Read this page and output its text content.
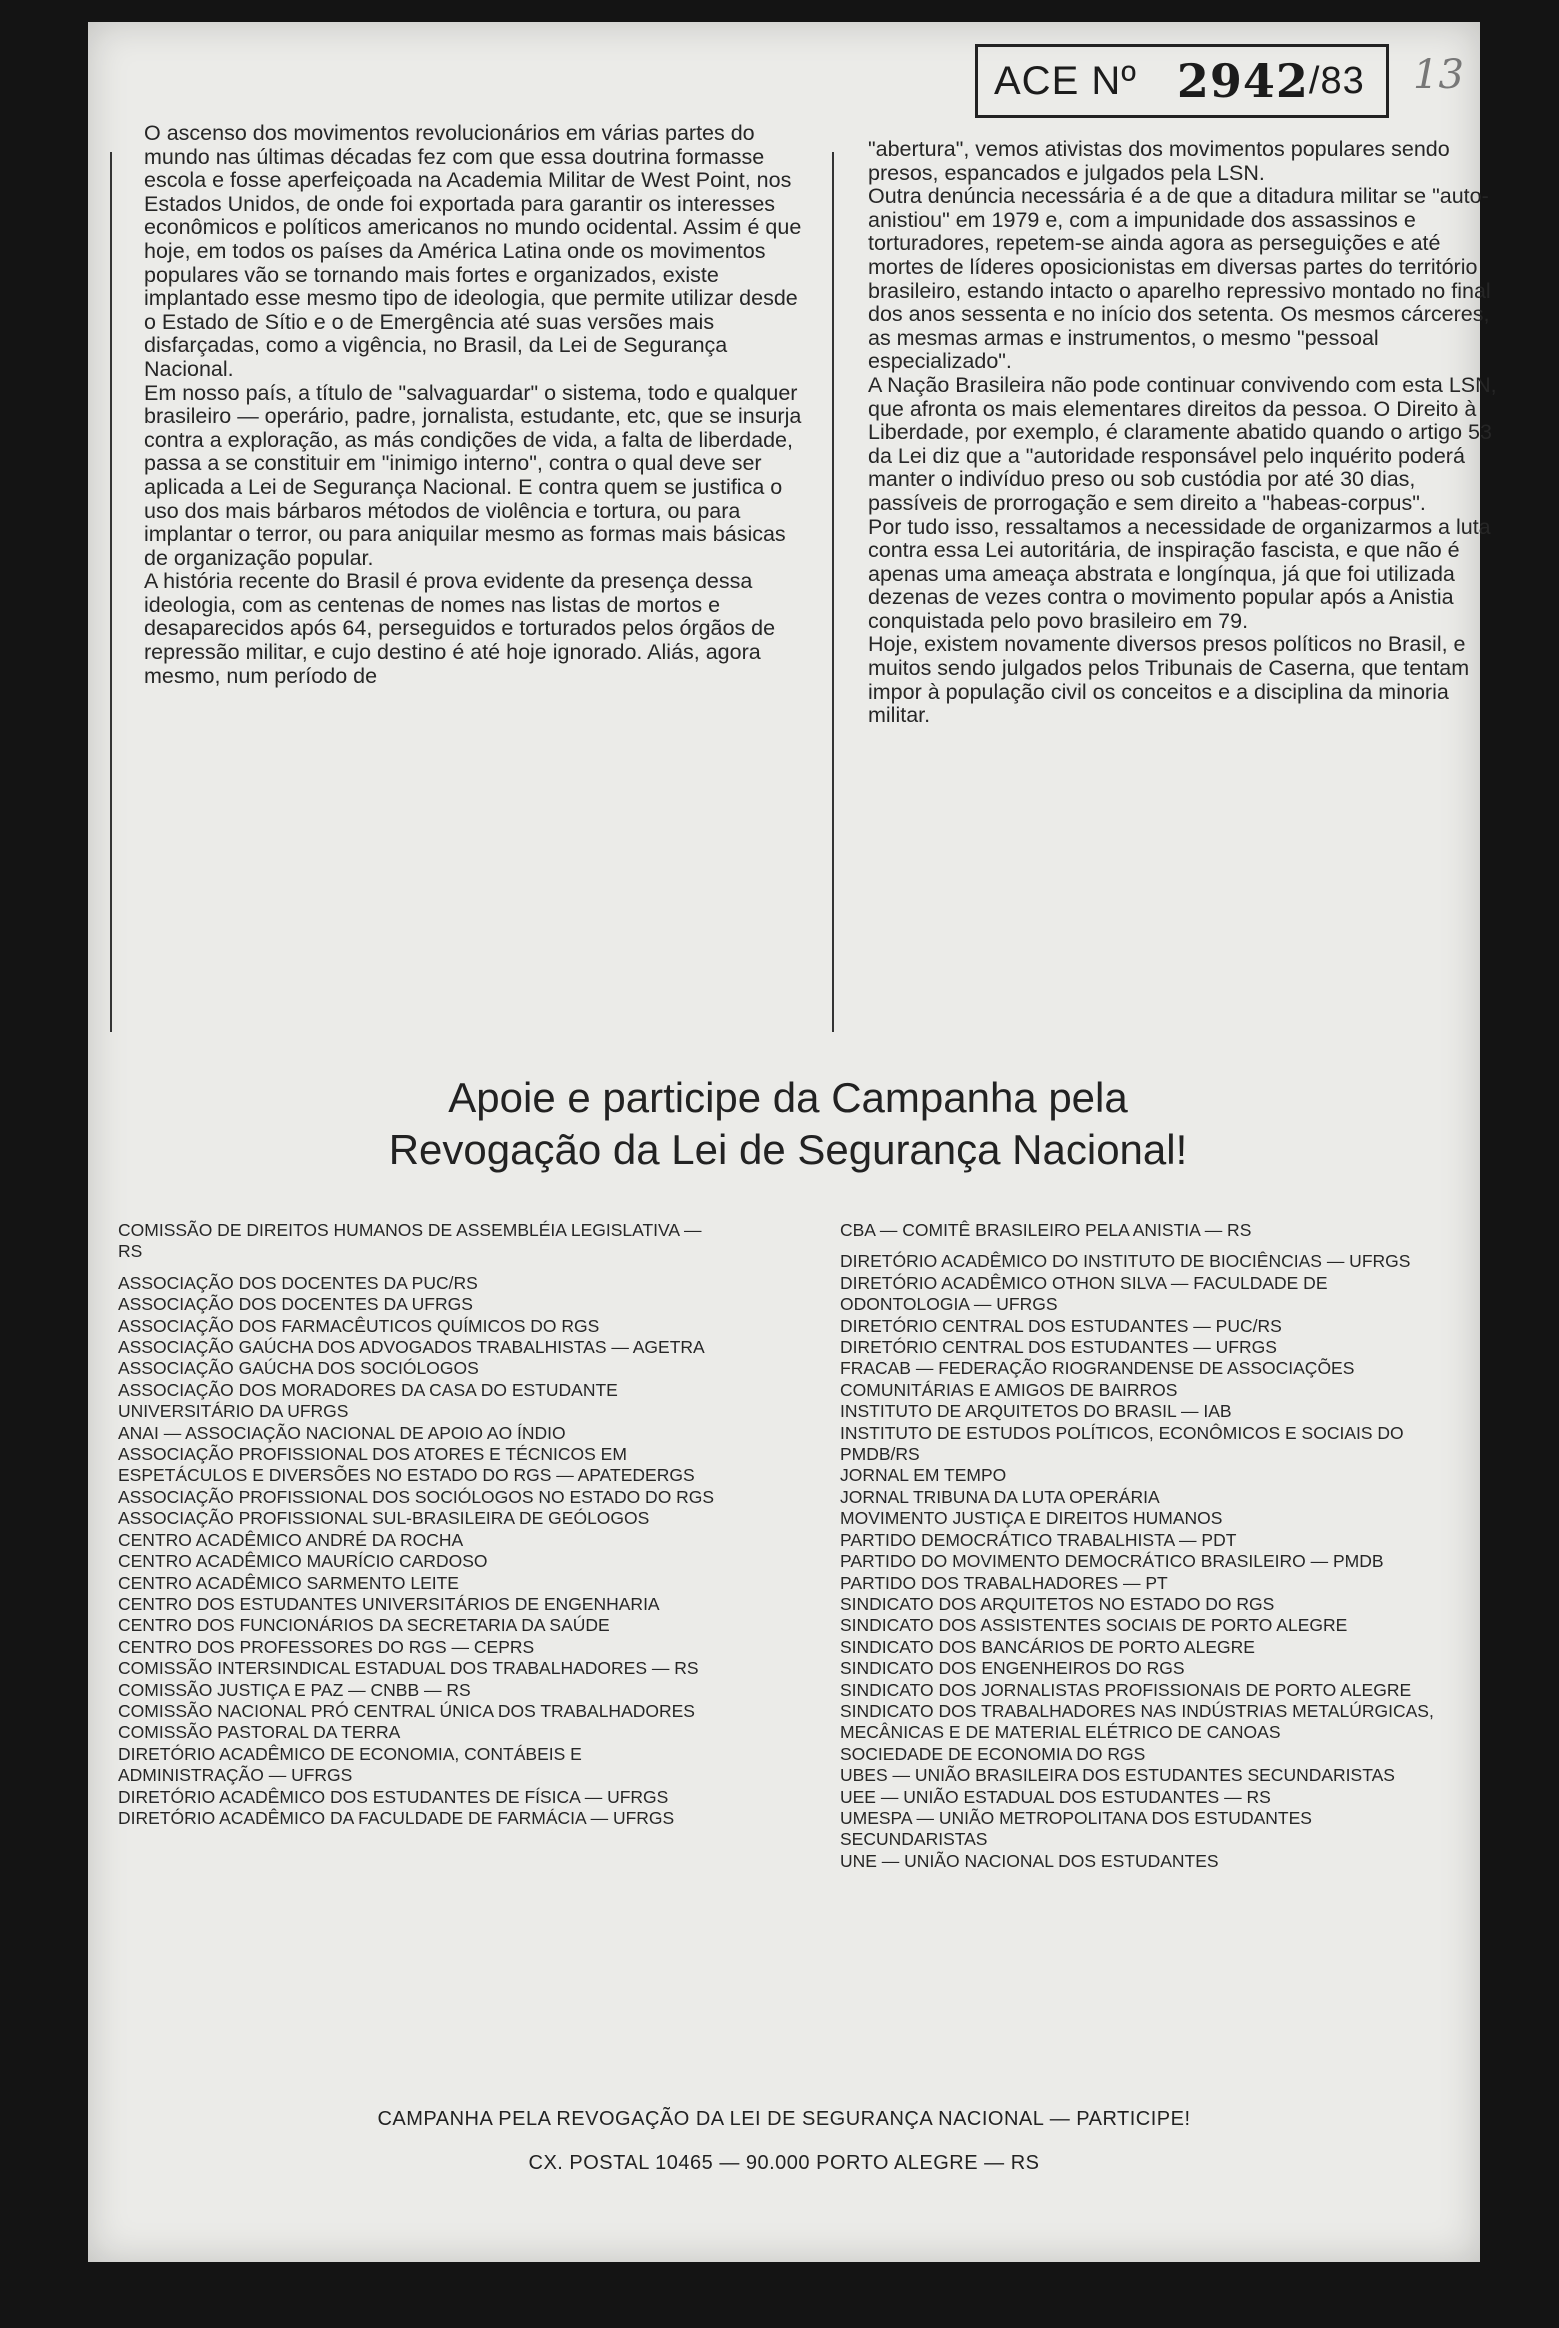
ACE Nº 2942 /83 13

O ascenso dos movimentos revolucionários em várias partes do mundo nas últimas décadas fez com que essa doutrina formasse escola e fosse aperfeiçoada na Academia Militar de West Point, nos Estados Unidos, de onde foi exportada para garantir os interesses econômicos e políticos americanos no mundo ocidental. Assim é que hoje, em todos os países da América Latina onde os movimentos populares vão se tornando mais fortes e organizados, existe implantado esse mesmo tipo de ideologia, que permite utilizar desde o Estado de Sítio e o de Emergência até suas versões mais disfarçadas, como a vigência, no Brasil, da Lei de Segurança Nacional.

Em nosso país, a título de "salvaguardar" o sistema, todo e qualquer brasileiro — operário, padre, jornalista, estudante, etc, que se insurja contra a exploração, as más condições de vida, a falta de liberdade, passa a se constituir em "inimigo interno", contra o qual deve ser aplicada a Lei de Segurança Nacional. E contra quem se justifica o uso dos mais bárbaros métodos de violência e tortura, ou para implantar o terror, ou para aniquilar mesmo as formas mais básicas de organização popular.

A história recente do Brasil é prova evidente da presença dessa ideologia, com as centenas de nomes nas listas de mortos e desaparecidos após 64, perseguidos e torturados pelos órgãos de repressão militar, e cujo destino é até hoje ignorado. Aliás, agora mesmo, num período de

"abertura", vemos ativistas dos movimentos populares sendo presos, espancados e julgados pela LSN.

Outra denúncia necessária é a de que a ditadura militar se "auto-anistiou" em 1979 e, com a impunidade dos assassinos e torturadores, repetem-se ainda agora as perseguições e até mortes de líderes oposicionistas em diversas partes do território brasileiro, estando intacto o aparelho repressivo montado no final dos anos sessenta e no início dos setenta. Os mesmos cárceres, as mesmas armas e instrumentos, o mesmo "pessoal especializado".

A Nação Brasileira não pode continuar convivendo com esta LSN, que afronta os mais elementares direitos da pessoa. O Direito à Liberdade, por exemplo, é claramente abatido quando o artigo 53 da Lei diz que a "autoridade responsável pelo inquérito poderá manter o indivíduo preso ou sob custódia por até 30 dias, passíveis de prorrogação e sem direito a "habeas-corpus".

Por tudo isso, ressaltamos a necessidade de organizarmos a luta contra essa Lei autoritária, de inspiração fascista, e que não é apenas uma ameaça abstrata e longínqua, já que foi utilizada dezenas de vezes contra o movimento popular após a Anistia conquistada pelo povo brasileiro em 79.

Hoje, existem novamente diversos presos políticos no Brasil, e muitos sendo julgados pelos Tribunais de Caserna, que tentam impor à população civil os conceitos e a disciplina da minoria militar.

Apoie e participe da Campanha pela
Revogação da Lei de Segurança Nacional!
COMISSÃO DE DIREITOS HUMANOS DE ASSEMBLÉIA LEGISLATIVA — RS
ASSOCIAÇÃO DOS DOCENTES DA PUC/RS
ASSOCIAÇÃO DOS DOCENTES DA UFRGS
ASSOCIAÇÃO DOS FARMACÊUTICOS QUÍMICOS DO RGS
ASSOCIAÇÃO GAÚCHA DOS ADVOGADOS TRABALHISTAS — AGETRA
ASSOCIAÇÃO GAÚCHA DOS SOCIÓLOGOS
ASSOCIAÇÃO DOS MORADORES DA CASA DO ESTUDANTE UNIVERSITÁRIO DA UFRGS
ANAI — ASSOCIAÇÃO NACIONAL DE APOIO AO ÍNDIO
ASSOCIAÇÃO PROFISSIONAL DOS ATORES E TÉCNICOS EM ESPETÁCULOS E DIVERSÕES NO ESTADO DO RGS — APATEDERGS
ASSOCIAÇÃO PROFISSIONAL DOS SOCIÓLOGOS NO ESTADO DO RGS
ASSOCIAÇÃO PROFISSIONAL SUL-BRASILEIRA DE GEÓLOGOS
CENTRO ACADÊMICO ANDRÉ DA ROCHA
CENTRO ACADÊMICO MAURÍCIO CARDOSO
CENTRO ACADÊMICO SARMENTO LEITE
CENTRO DOS ESTUDANTES UNIVERSITÁRIOS DE ENGENHARIA
CENTRO DOS FUNCIONÁRIOS DA SECRETARIA DA SAÚDE
CENTRO DOS PROFESSORES DO RGS — CEPRS
COMISSÃO INTERSINDICAL ESTADUAL DOS TRABALHADORES — RS
COMISSÃO JUSTIÇA E PAZ — CNBB — RS
COMISSÃO NACIONAL PRÓ CENTRAL ÚNICA DOS TRABALHADORES
COMISSÃO PASTORAL DA TERRA
DIRETÓRIO ACADÊMICO DE ECONOMIA, CONTÁBEIS E ADMINISTRAÇÃO — UFRGS
DIRETÓRIO ACADÊMICO DOS ESTUDANTES DE FÍSICA — UFRGS
DIRETÓRIO ACADÊMICO DA FACULDADE DE FARMÁCIA — UFRGS
CBA — COMITÊ BRASILEIRO PELA ANISTIA — RS
DIRETÓRIO ACADÊMICO DO INSTITUTO DE BIOCIÊNCIAS — UFRGS
DIRETÓRIO ACADÊMICO OTHON SILVA — FACULDADE DE ODONTOLOGIA — UFRGS
DIRETÓRIO CENTRAL DOS ESTUDANTES — PUC/RS
DIRETÓRIO CENTRAL DOS ESTUDANTES — UFRGS
FRACAB — FEDERAÇÃO RIOGRANDENSE DE ASSOCIAÇÕES COMUNITÁRIAS E AMIGOS DE BAIRROS
INSTITUTO DE ARQUITETOS DO BRASIL — IAB
INSTITUTO DE ESTUDOS POLÍTICOS, ECONÔMICOS E SOCIAIS DO PMDB/RS
JORNAL EM TEMPO
JORNAL TRIBUNA DA LUTA OPERÁRIA
MOVIMENTO JUSTIÇA E DIREITOS HUMANOS
PARTIDO DEMOCRÁTICO TRABALHISTA — PDT
PARTIDO DO MOVIMENTO DEMOCRÁTICO BRASILEIRO — PMDB
PARTIDO DOS TRABALHADORES — PT
SINDICATO DOS ARQUITETOS NO ESTADO DO RGS
SINDICATO DOS ASSISTENTES SOCIAIS DE PORTO ALEGRE
SINDICATO DOS BANCÁRIOS DE PORTO ALEGRE
SINDICATO DOS ENGENHEIROS DO RGS
SINDICATO DOS JORNALISTAS PROFISSIONAIS DE PORTO ALEGRE
SINDICATO DOS TRABALHADORES NAS INDÚSTRIAS METALÚRGICAS, MECÂNICAS E DE MATERIAL ELÉTRICO DE CANOAS
SOCIEDADE DE ECONOMIA DO RGS
UBES — UNIÃO BRASILEIRA DOS ESTUDANTES SECUNDARISTAS
UEE — UNIÃO ESTADUAL DOS ESTUDANTES — RS
UMESPA — UNIÃO METROPOLITANA DOS ESTUDANTES SECUNDARISTAS
UNE — UNIÃO NACIONAL DOS ESTUDANTES
CAMPANHA PELA REVOGAÇÃO DA LEI DE SEGURANÇA NACIONAL — PARTICIPE!
CX. POSTAL 10465 — 90.000 PORTO ALEGRE — RS
